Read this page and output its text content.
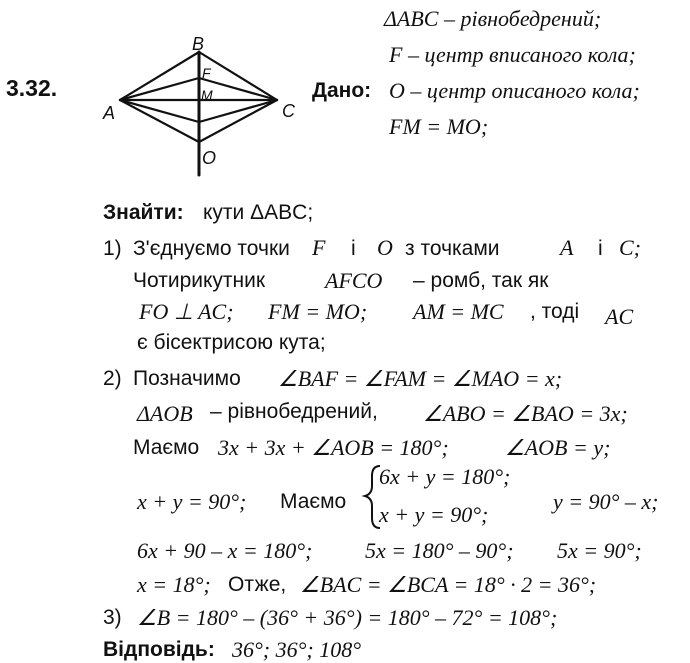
3.32.
B
F
M
A	C
O
Дано:
ΔABC – рівнобедрений;
F – центр вписаного кола;
O – центр описаного кола;
FM = MO;
Знайти: кути ΔABC;
1) З'єднуємо точки F і O з точками	A і C;
Чотирикутник	AFCO – ромб, так як
FO ⊥ AC; FM = MO; AM = MC , тоді AC
є бісектрисою кута;
2) Позначимо ∠BAF = ∠FAM = ∠MAO = x;
ΔAOB – рівнобедрений, ∠ABO = ∠BAO = 3x;
Маємо 3x + 3x + ∠AOB = 180°;	∠AOB = y;
x + y = 90°; Маємо
6x + y = 180°;
x + y = 90°;
y = 90° – x;
6x + 90 – x = 180°; 5x = 180° – 90°; 5x = 90°;
x = 18°; Отже, ∠BAC = ∠BCA = 18° · 2 = 36°;
3) ∠B = 180° – (36° + 36°) = 180° – 72° = 108°;
Відповідь: 36°; 36°; 108°
